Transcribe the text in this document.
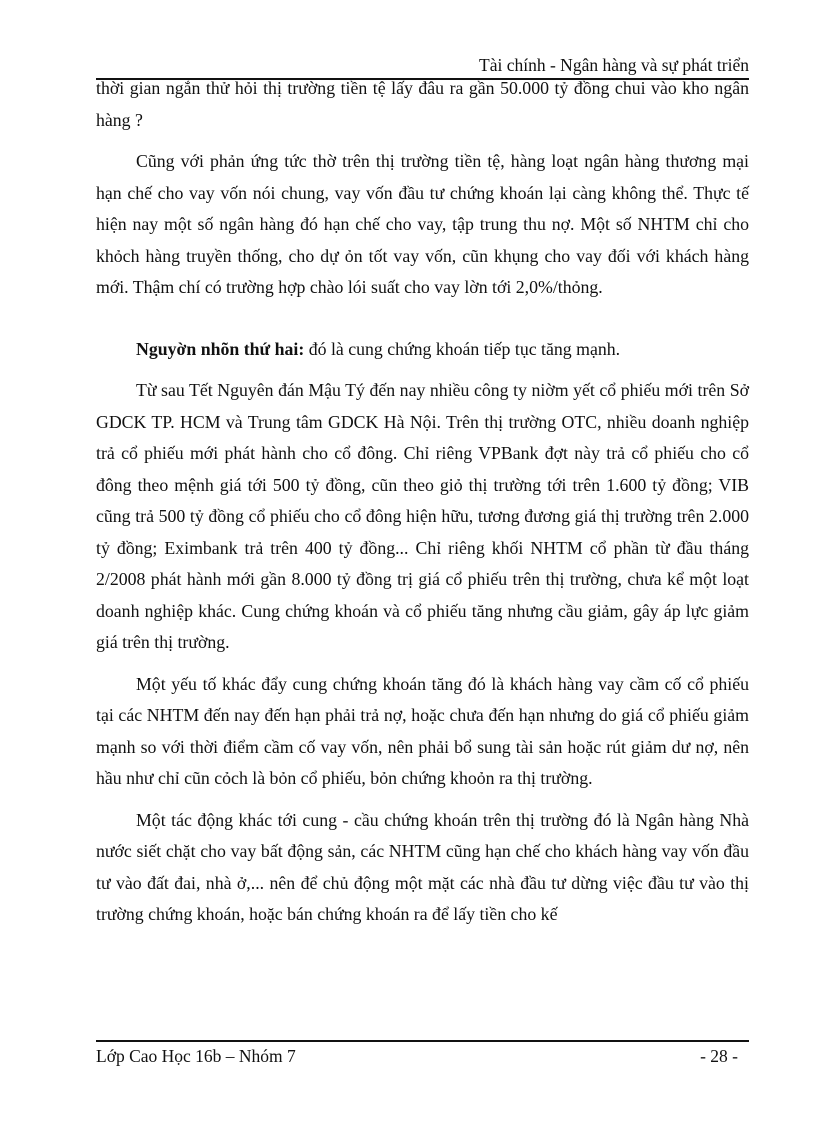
Tài chính - Ngân hàng và sự phát triển

thời gian ngắn thử hỏi thị trường tiền tệ lấy đâu ra gần 50.000 tỷ đồng chui vào kho ngân hàng ?

Cũng với phản ứng tức thờ trên thị trường tiền tệ, hàng loạt ngân hàng thương mại hạn chế cho vay vốn nói chung, vay vốn đầu tư chứng khoán lại càng không thể. Thực tế hiện nay một số ngân hàng đó hạn chế cho vay, tập trung thu nợ. Một số NHTM chỉ cho khỏch hàng truyền thống, cho dự ỏn tốt vay vốn, cũn khụng cho vay đối với khách hàng mới. Thậm chí có trường hợp chào lói suất cho vay lờn tới 2,0%/thỏng.

Nguyờn nhõn thứ hai: đó là cung chứng khoán tiếp tục tăng mạnh.

Từ sau Tết Nguyên đán Mậu Tý đến nay nhiều công ty niờm yết cổ phiếu mới trên Sở GDCK TP. HCM và Trung tâm GDCK Hà Nội. Trên thị trường OTC, nhiều doanh nghiệp trả cổ phiếu mới phát hành cho cổ đông. Chỉ riêng VPBank đợt này trả cổ phiếu cho cổ đông theo mệnh giá tới 500 tỷ đồng, cũn theo giỏ thị trường tới trên 1.600 tỷ đồng; VIB cũng trả 500 tỷ đồng cổ phiếu cho cổ đông hiện hữu, tương đương giá thị trường trên 2.000 tỷ đồng; Eximbank trả trên 400 tỷ đồng... Chỉ riêng khối NHTM cổ phần từ đầu tháng 2/2008 phát hành mới gần 8.000 tỷ đồng trị giá cổ phiếu trên thị trường, chưa kể một loạt doanh nghiệp khác. Cung chứng khoán và cổ phiếu tăng nhưng cầu giảm, gây áp lực giảm giá trên thị trường.

Một yếu tố khác đẩy cung chứng khoán tăng đó là khách hàng vay cầm cố cổ phiếu tại các NHTM đến nay đến hạn phải trả nợ, hoặc chưa đến hạn nhưng do giá cổ phiếu giảm mạnh so với thời điểm cầm cố vay vốn, nên phải bổ sung tài sản hoặc rút giảm dư nợ, nên hầu như chỉ cũn cỏch là bỏn cổ phiếu, bỏn chứng khoỏn ra thị trường.

Một tác động khác tới cung - cầu chứng khoán trên thị trường đó là Ngân hàng Nhà nước siết chặt cho vay bất động sản, các NHTM cũng hạn chế cho khách hàng vay vốn đầu tư vào đất đai, nhà ở,... nên để chủ động một mặt các nhà đầu tư dừng việc đầu tư vào thị trường chứng khoán, hoặc bán chứng khoán ra để lấy tiền cho kế

Lớp Cao Học 16b – Nhóm 7	- 28 -
